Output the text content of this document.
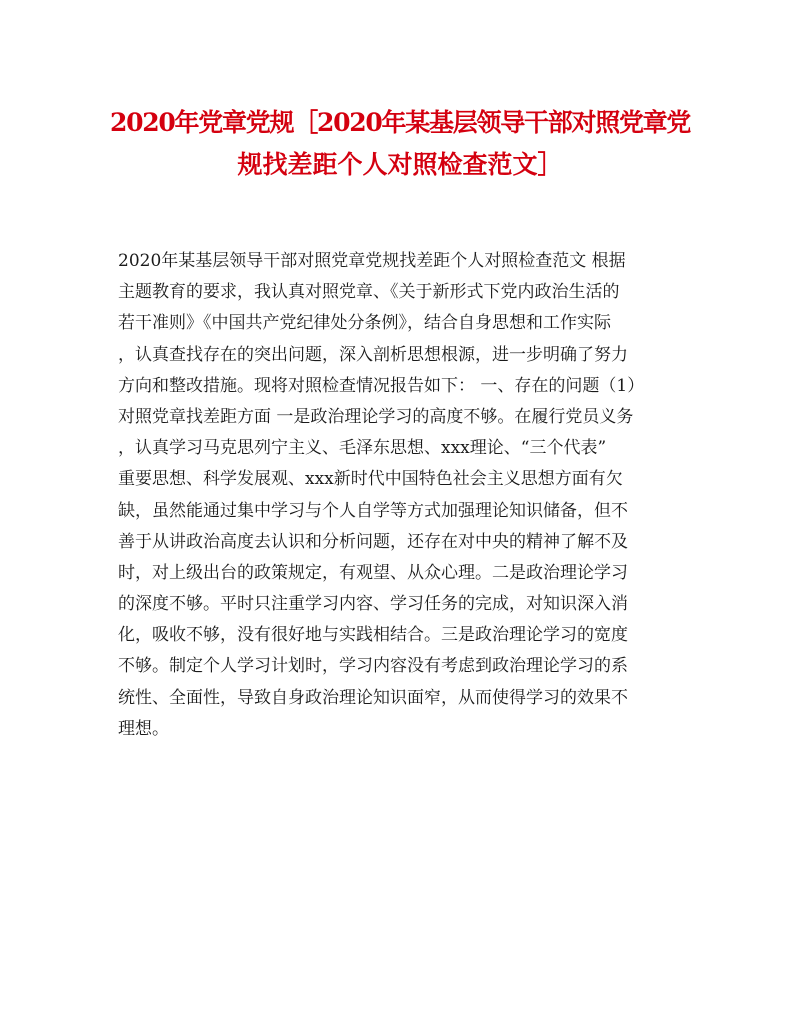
2020年党章党规［2020年某基层领导干部对照党章党
规找差距个人对照检查范文］
2020年某基层领导干部对照党章党规找差距个人对照检查范文 根据
主题教育的要求，我认真对照党章、《关于新形式下党内政治生活的
若干准则》《中国共产党纪律处分条例》，结合自身思想和工作实际
，认真查找存在的突出问题，深入剖析思想根源，进一步明确了努力
方向和整改措施。现将对照检查情况报告如下： 一、存在的问题（1）
对照党章找差距方面 一是政治理论学习的高度不够。在履行党员义务
，认真学习马克思列宁主义、毛泽东思想、xxx理论、“三个代表”
重要思想、科学发展观、xxx新时代中国特色社会主义思想方面有欠
缺，虽然能通过集中学习与个人自学等方式加强理论知识储备，但不
善于从讲政治高度去认识和分析问题，还存在对中央的精神了解不及
时，对上级出台的政策规定，有观望、从众心理。二是政治理论学习
的深度不够。平时只注重学习内容、学习任务的完成，对知识深入消
化，吸收不够，没有很好地与实践相结合。三是政治理论学习的宽度
不够。制定个人学习计划时，学习内容没有考虑到政治理论学习的系
统性、全面性，导致自身政治理论知识面窄，从而使得学习的效果不
理想。
